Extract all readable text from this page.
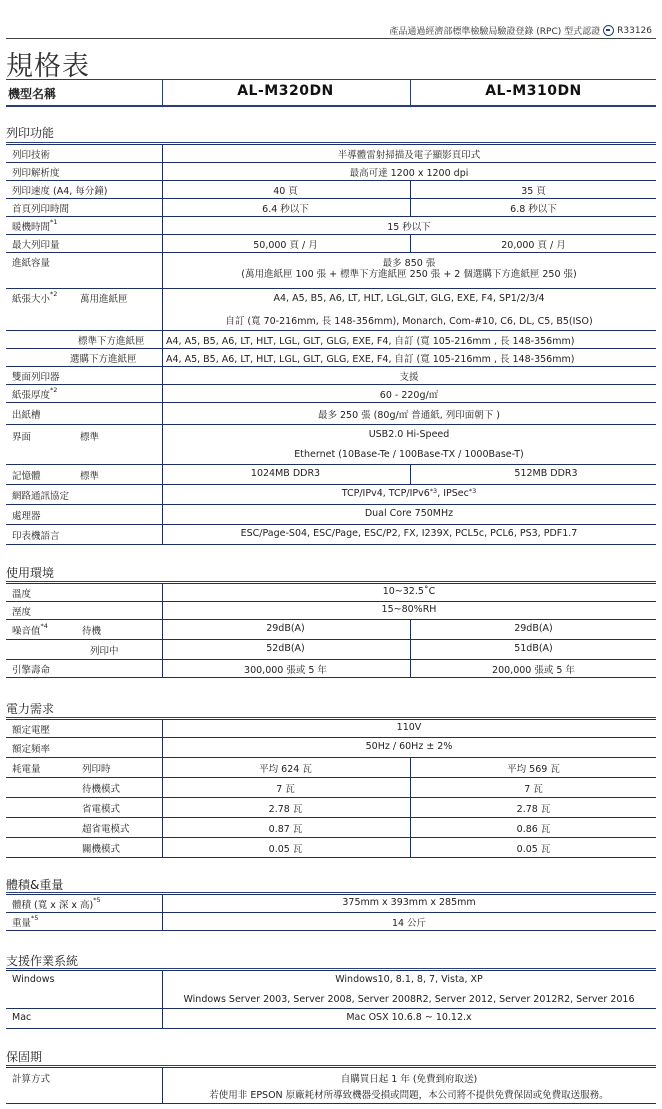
產品通過經濟部標準檢驗局驗證登錄 (RPC) 型式認證 R33126
規格表
機型名稱	AL-M320DN	AL-M310DN
列印功能
列印技術	半導體雷射掃描及電子顯影頁印式
列印解析度	最高可達 1200 x 1200 dpi
列印速度 (A4, 每分鐘)	40 頁	35 頁
首頁列印時間	6.4 秒以下	6.8 秒以下
暖機時間$^{*1}$	15 秒以下
最大列印量	50,000 頁 / 月	20,000 頁 / 月
進紙容量	最多 850 張
(萬用進紙匣 100 張 + 標準下方進紙匣 250 張 + 2 個選購下方進紙匣 250 張)
紙張大小$^{*2}$ 萬用進紙匣	A4, A5, B5, A6, LT, HLT, LGL,GLT, GLG, EXE, F4, SP1/2/3/4
自訂 (寬 70-216mm, 長 148-356mm), Monarch, Com-#10, C6, DL, C5, B5(ISO)
標準下方進紙匣 A4, A5, B5, A6, LT, HLT, LGL, GLT, GLG, EXE, F4, 自訂 (寬 105-216mm , 長 148-356mm)
選購下方進紙匣	A4, A5, B5, A6, LT, HLT, LGL, GLT, GLG, EXE, F4, 自訂 (寬 105-216mm , 長 148-356mm)
雙面列印器	支援
紙張厚度$^{*2}$	60 - 220g/㎡
出紙槽	最多 250 張 (80g/㎡ 普通紙, 列印面朝下 )
界面	標準	USB2.0 Hi-Speed
Ethernet (10Base-Te / 100Base-TX / 1000Base-T)
記憶體	標準	1024MB DDR3	512MB DDR3
網路通訊協定	TCP/IPv4, TCP/IPv6$^{*3}$, IPSec$^{*3}$
處理器	Dual Core 750MHz
印表機語言	ESC/Page-S04, ESC/Page, ESC/P2, FX, I239X, PCL5c, PCL6, PS3, PDF1.7
使用環境
溫度	10~32.5˚C
溼度	15~80%RH
噪音值$^{*4}$	待機	29dB(A)	29dB(A)
列印中	52dB(A)	51dB(A)
引擎壽命	300,000 張或 5 年	200,000 張或 5 年
電力需求
額定電壓	110V
額定頻率	50Hz / 60Hz ± 2%
耗電量	列印時	平均 624 瓦	平均 569 瓦
待機模式	7 瓦	7 瓦
省電模式	2.78 瓦	2.78 瓦
超省電模式	0.87 瓦	0.86 瓦
關機模式	0.05 瓦	0.05 瓦
體積&重量
體積 (寬 x 深 x 高)$^{*5}$	375mm x 393mm x 285mm
重量$^{*5}$	14 公斤
支援作業系統
Windows	Windows10, 8.1, 8, 7, Vista, XP
Windows Server 2003, Server 2008, Server 2008R2, Server 2012, Server 2012R2, Server 2016
Mac	Mac OSX 10.6.8 ~ 10.12.x
保固期
計算方式	自購買日起 1 年 (免費到府取送)
若使用非 EPSON 原廠耗材所導致機器受損或問題，本公司將不提供免費保固或免費取送服務。
